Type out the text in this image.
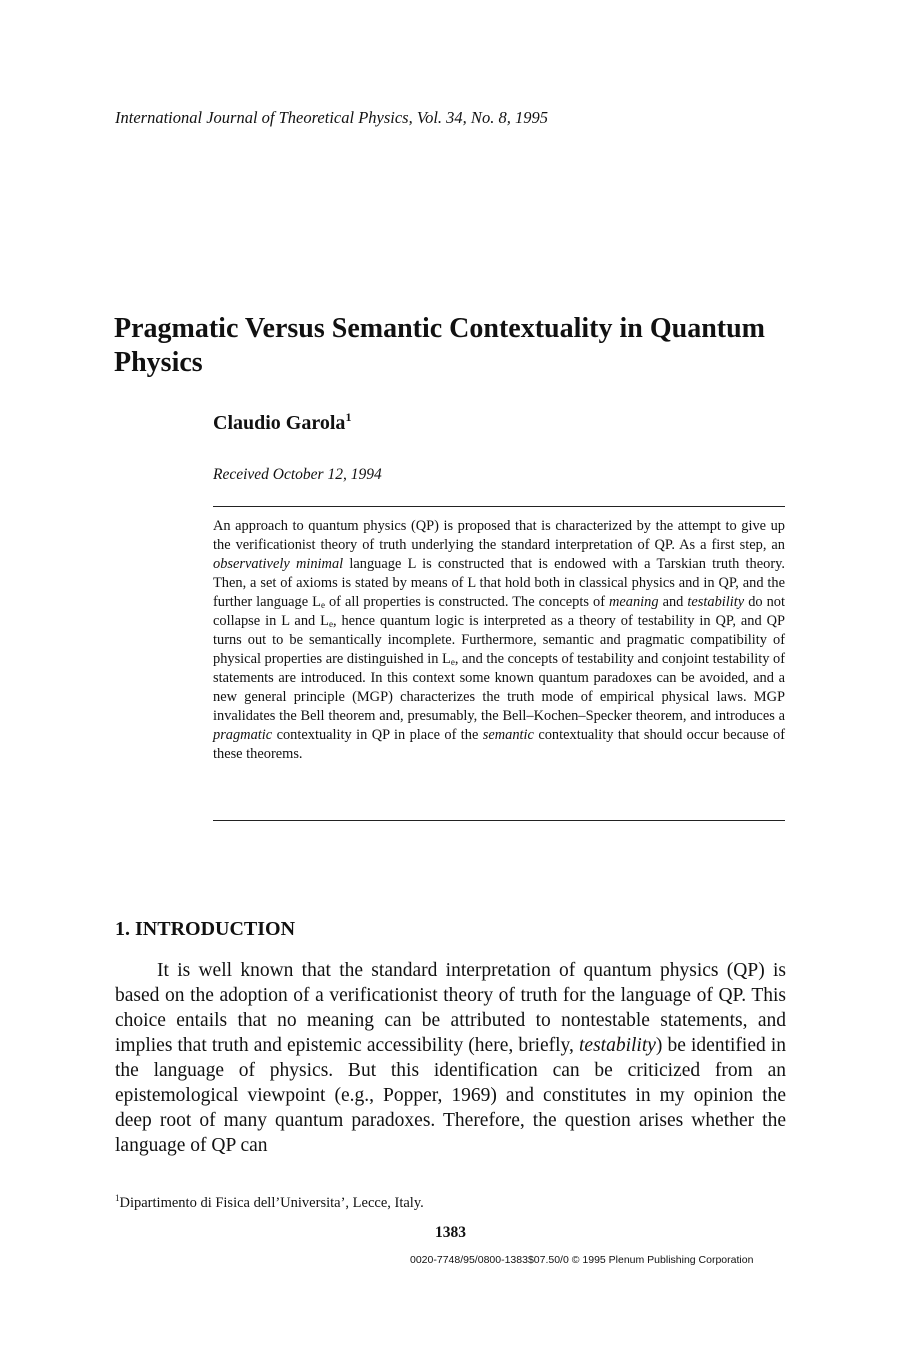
International Journal of Theoretical Physics, Vol. 34, No. 8, 1995
Pragmatic Versus Semantic Contextuality in Quantum Physics
Claudio Garola$^1$
Received October 12, 1994

An approach to quantum physics (QP) is proposed that is characterized by the attempt to give up the verificationist theory of truth underlying the standard interpretation of QP. As a first step, an observatively minimal language L is constructed that is endowed with a Tarskian truth theory. Then, a set of axioms is stated by means of L that hold both in classical physics and in QP, and the further language $L_e$ of all properties is constructed. The concepts of meaning and testability do not collapse in L and $L_e$, hence quantum logic is interpreted as a theory of testability in QP, and QP turns out to be semantically incomplete. Furthermore, semantic and pragmatic compatibility of physical properties are distinguished in $L_e$, and the concepts of testability and conjoint testability of statements are introduced. In this context some known quantum paradoxes can be avoided, and a new general principle (MGP) characterizes the truth mode of empirical physical laws. MGP invalidates the Bell theorem and, presumably, the Bell–Kochen–Specker theorem, and introduces a pragmatic contextuality in QP in place of the semantic contextuality that should occur because of these theorems.

1. INTRODUCTION

It is well known that the standard interpretation of quantum physics (QP) is based on the adoption of a verificationist theory of truth for the language of QP. This choice entails that no meaning can be attributed to nontestable statements, and implies that truth and epistemic accessibility (here, briefly, testability) be identified in the language of physics. But this identification can be criticized from an epistemological viewpoint (e.g., Popper, 1969) and constitutes in my opinion the deep root of many quantum paradoxes. Therefore, the question arises whether the language of QP can

$^1$Dipartimento di Fisica dell’Universita’, Lecce, Italy.
1383
0020-7748/95/0800-1383$07.50/0 © 1995 Plenum Publishing Corporation
